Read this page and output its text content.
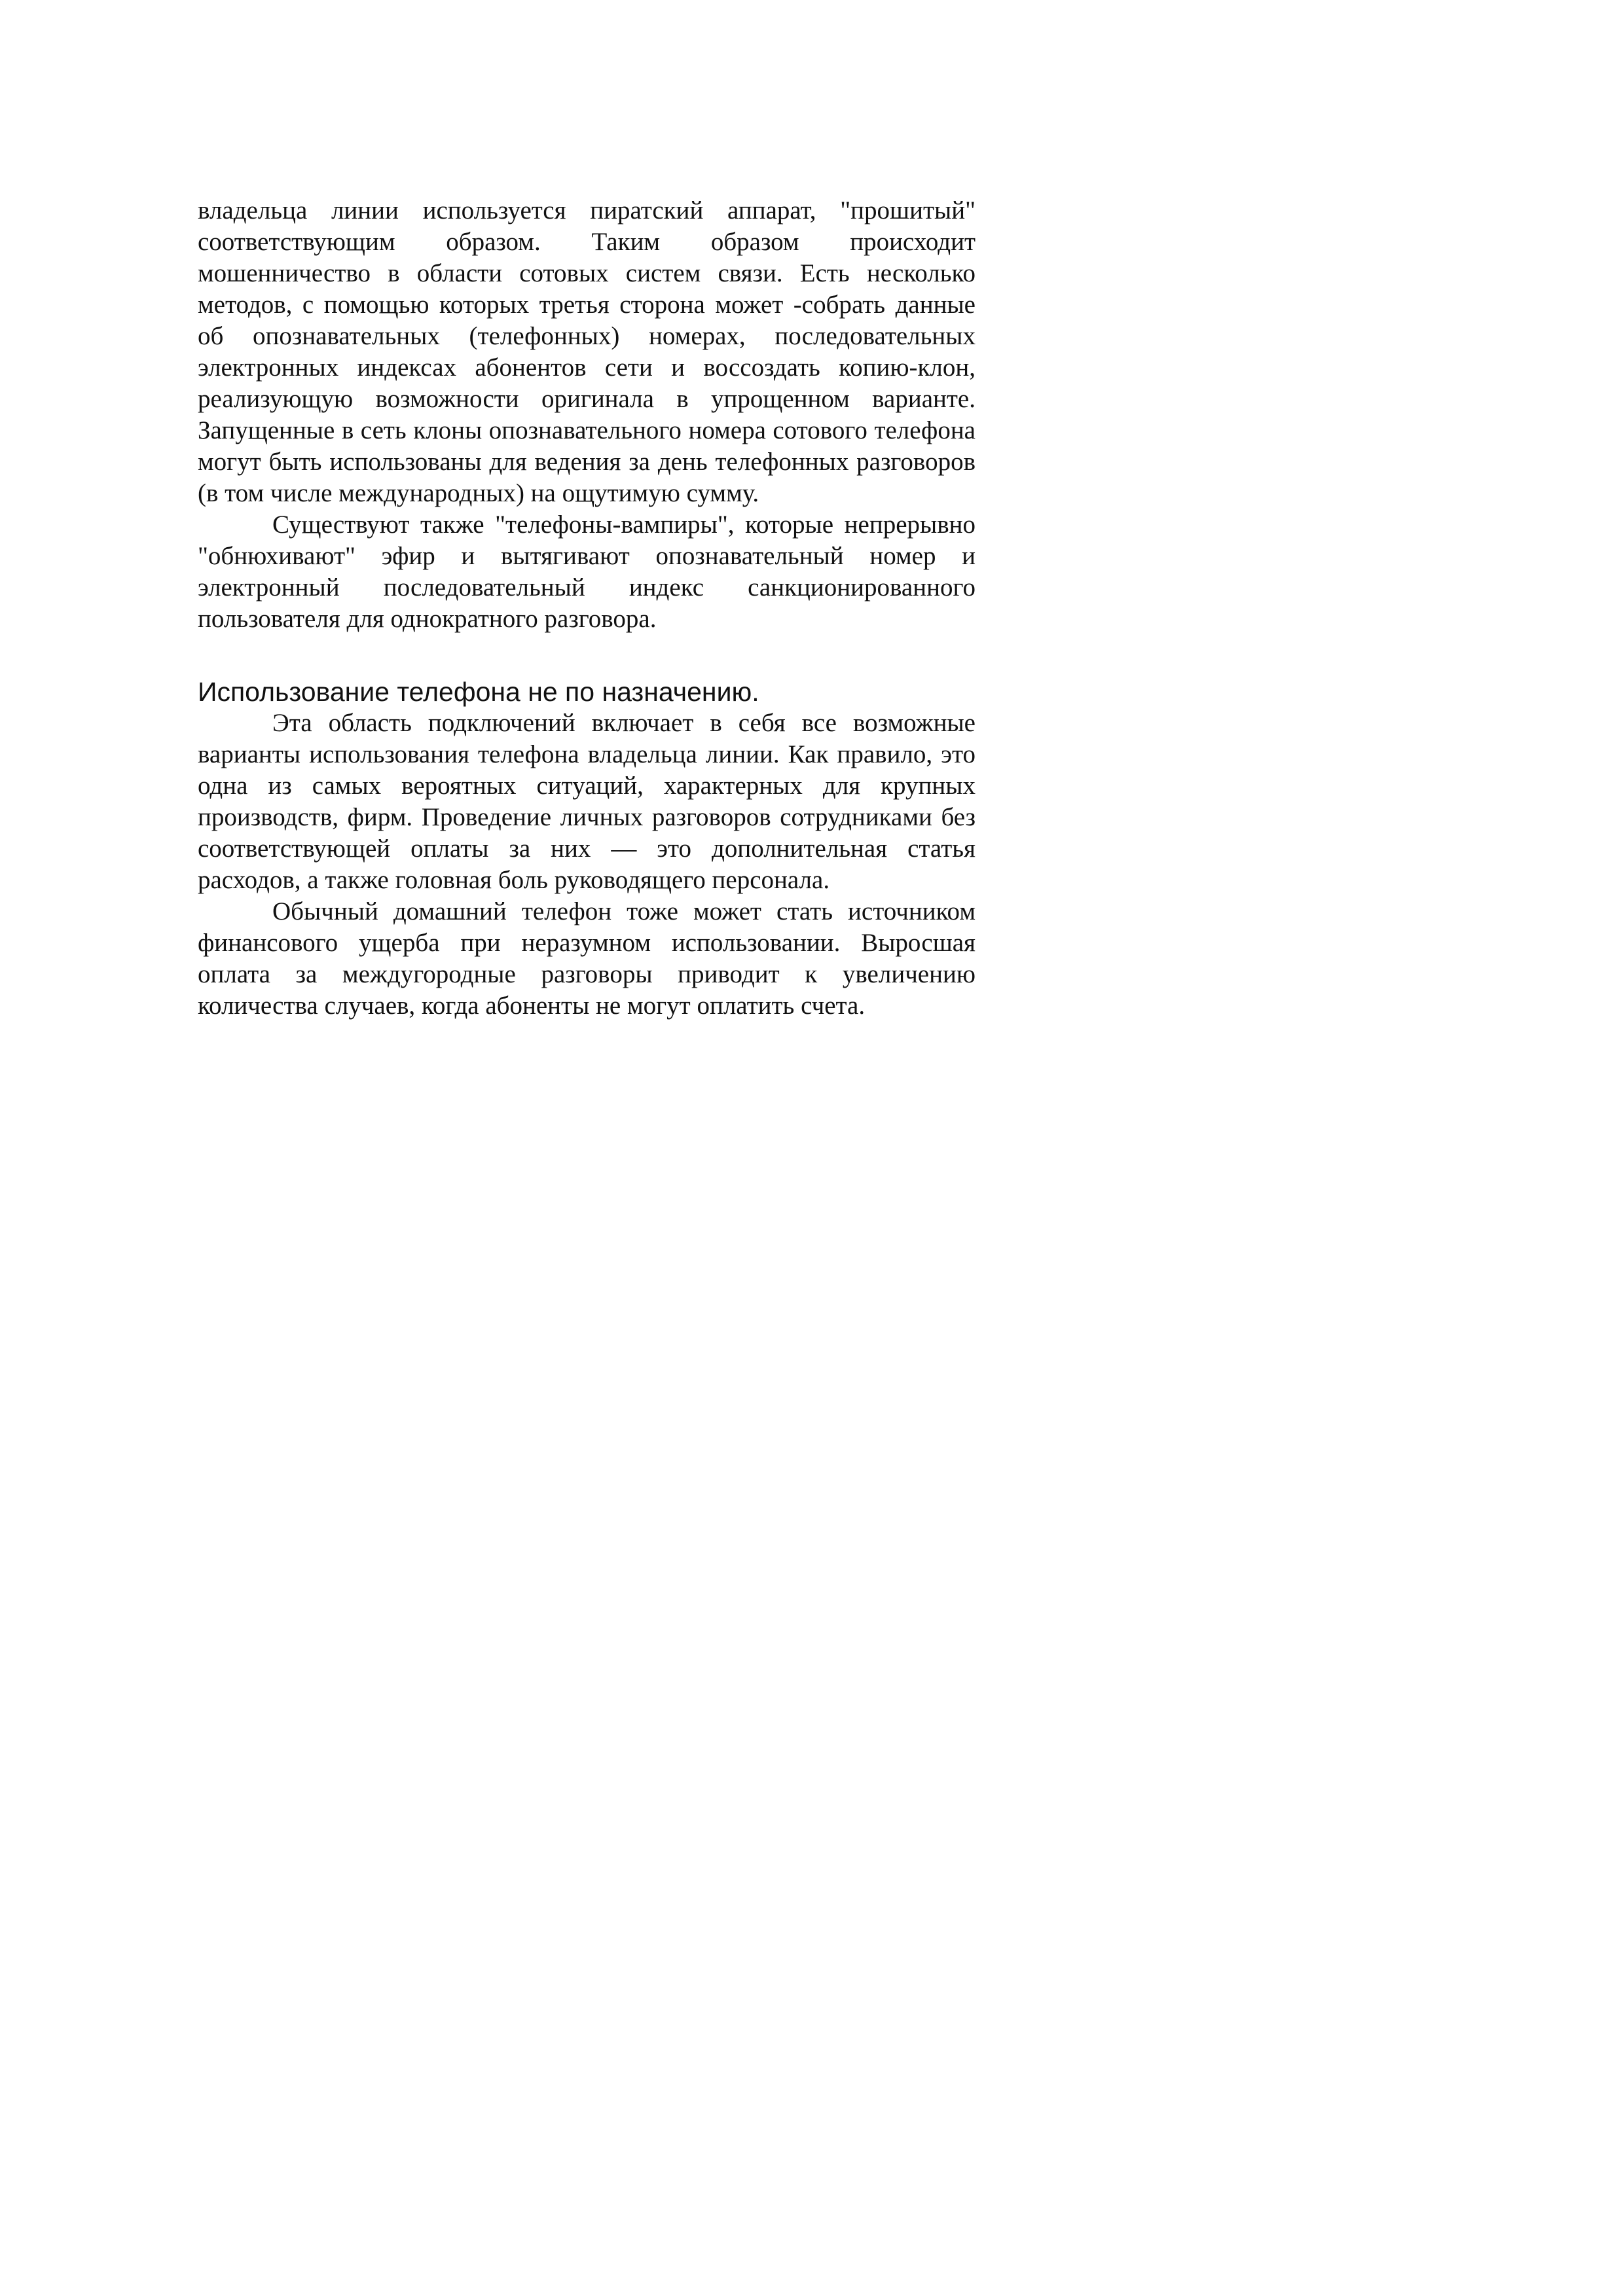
владельца линии используется пиратский аппарат, "прошитый" соответствующим образом. Таким образом происходит мошенничество в области сотовых систем связи. Есть несколько методов, с помощью которых третья сторона может -собрать данные об опознавательных (телефонных) номерах, последовательных электронных индексах абонентов сети и воссоздать копию-клон, реализующую возможности оригинала в упрощенном варианте. Запущенные в сеть клоны опознавательного номера сотового телефона могут быть использованы для ведения за день телефонных разговоров (в том числе международных) на ощутимую сумму.

Существуют также "телефоны-вампиры", которые непрерывно "обнюхивают" эфир и вытягивают опознавательный номер и электронный последовательный индекс санкционированного пользователя для однократного разговора.

Использование телефона не по назначению.

Эта область подключений включает в себя все возможные варианты использования телефона владельца линии. Как правило, это одна из самых вероятных ситуаций, характерных для крупных производств, фирм. Проведение личных разговоров сотрудниками без соответствующей оплаты за них — это дополнительная статья расходов, а также головная боль руководящего персонала.

Обычный домашний телефон тоже может стать источником финансового ущерба при неразумном использовании. Выросшая оплата за междугородные разговоры приводит к увеличению количества случаев, когда абоненты не могут оплатить счета.
